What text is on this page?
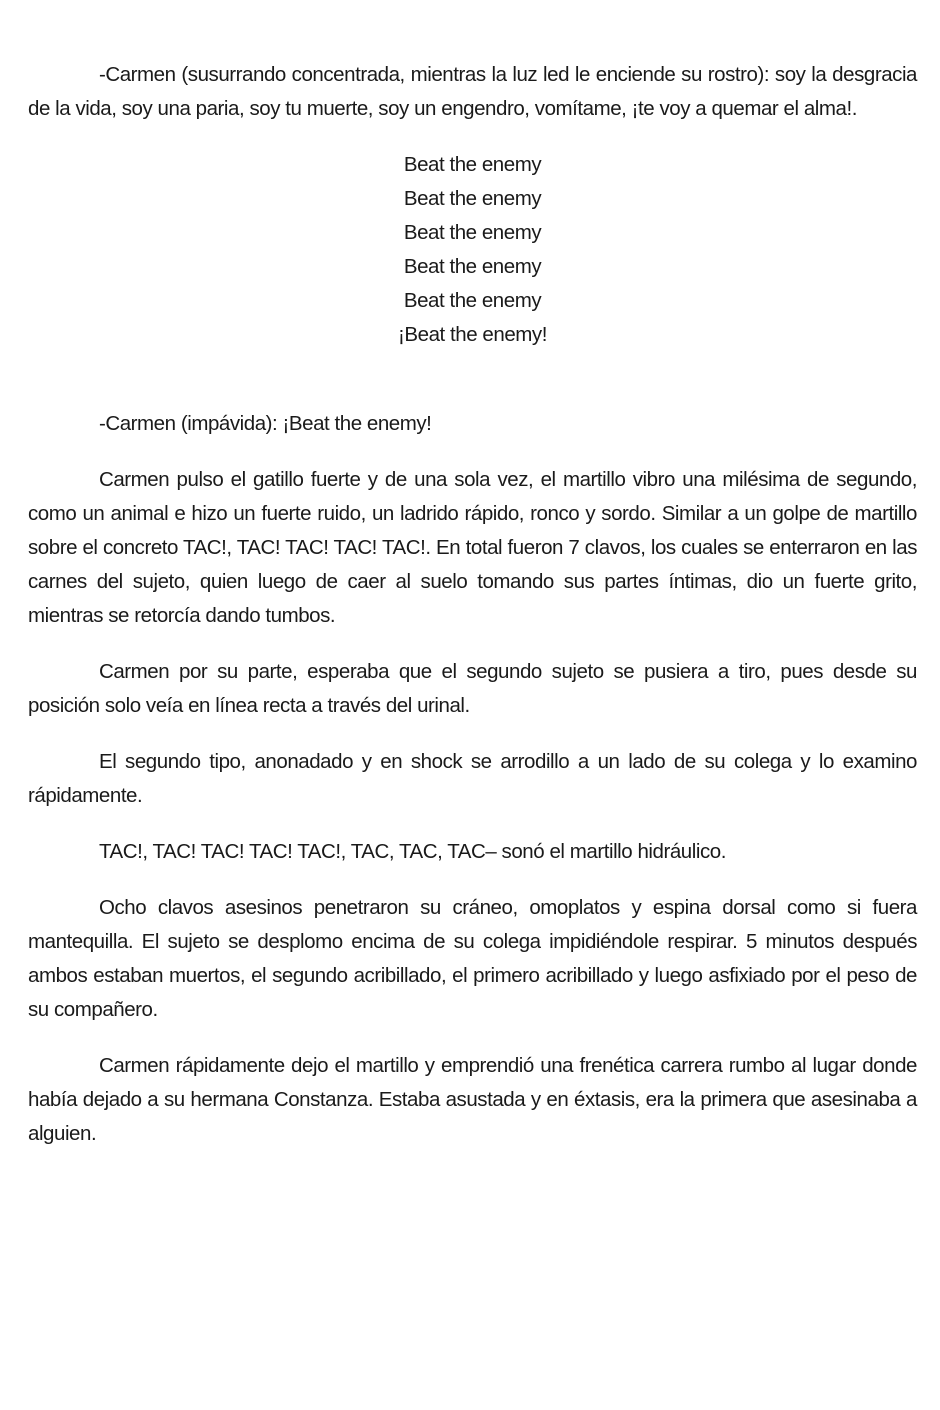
-Carmen (susurrando concentrada, mientras la luz led le enciende su rostro): soy la desgracia de la vida, soy una paria, soy tu muerte, soy un engendro, vomítame, ¡te voy a quemar el alma!.

Beat the enemy

Beat the enemy

Beat the enemy

Beat the enemy

Beat the enemy

¡Beat the enemy!

-Carmen (impávida): ¡Beat the enemy!

Carmen pulso el gatillo fuerte y de una sola vez, el martillo vibro una milésima de segundo, como un animal e hizo un fuerte ruido, un ladrido rápido, ronco y sordo. Similar a un golpe de martillo sobre el concreto TAC!, TAC! TAC! TAC! TAC!. En total fueron 7 clavos, los cuales se enterraron en las carnes del sujeto, quien luego de caer al suelo tomando sus partes íntimas, dio un fuerte grito, mientras se retorcía dando tumbos.

Carmen por su parte, esperaba que el segundo sujeto se pusiera a tiro, pues desde su posición solo veía en línea recta a través del urinal.

El segundo tipo, anonadado y en shock se arrodillo a un lado de su colega y lo examino rápidamente.

TAC!, TAC! TAC! TAC! TAC!, TAC, TAC, TAC– sonó el martillo hidráulico.

Ocho clavos asesinos penetraron su cráneo, omoplatos y espina dorsal como si fuera mantequilla. El sujeto se desplomo encima de su colega impidiéndole respirar. 5 minutos después ambos estaban muertos, el segundo acribillado, el primero acribillado y luego asfixiado por el peso de su compañero.

Carmen rápidamente dejo el martillo y emprendió una frenética carrera rumbo al lugar donde había dejado a su hermana Constanza. Estaba asustada y en éxtasis, era la primera que asesinaba a alguien.
